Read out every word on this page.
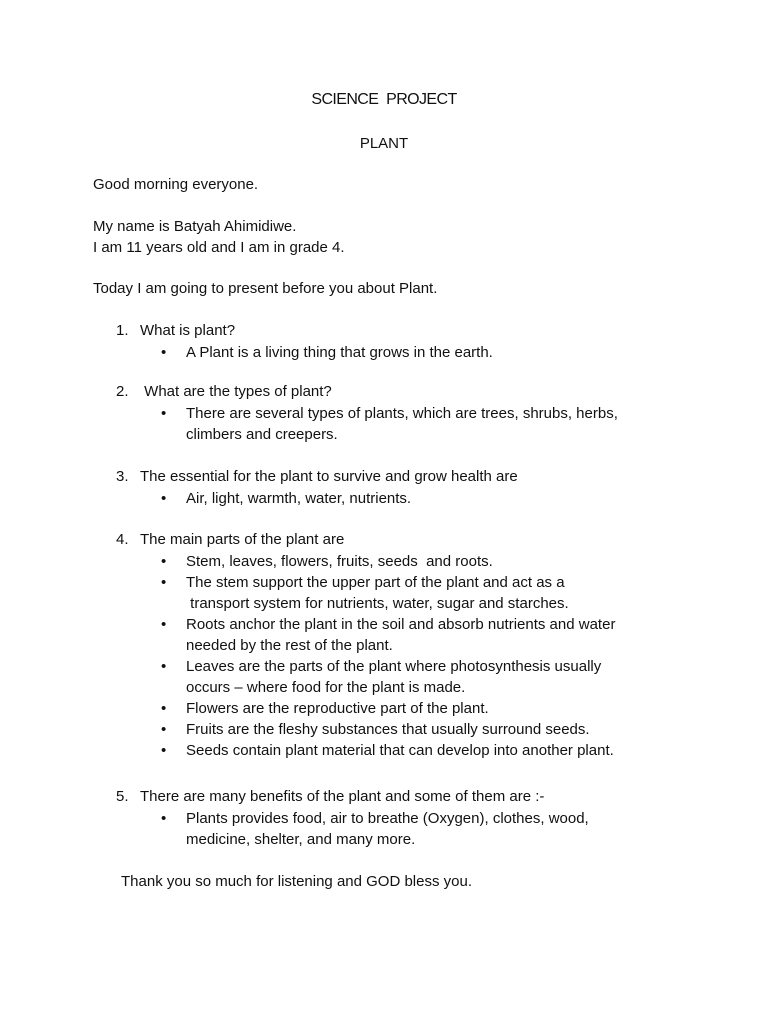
SCIENCE PROJECT
PLANT

Good morning everyone.

My name is Batyah Ahimidiwe.
I am 11 years old and I am in grade 4.

Today I am going to present before you about Plant.

1. What is plant?
• A Plant is a living thing that grows in the earth.
2. What are the types of plant?
• There are several types of plants, which are trees, shrubs, herbs,
climbers and creepers.
3. The essential for the plant to survive and grow health are
• Air, light, warmth, water, nutrients.
4. The main parts of the plant are
• Stem, leaves, flowers, fruits, seeds  and roots.
• The stem support the upper part of the plant and act as a
transport system for nutrients, water, sugar and starches.
• Roots anchor the plant in the soil and absorb nutrients and water
needed by the rest of the plant.
• Leaves are the parts of the plant where photosynthesis usually
occurs – where food for the plant is made.
• Flowers are the reproductive part of the plant.
• Fruits are the fleshy substances that usually surround seeds.
• Seeds contain plant material that can develop into another plant.
5. There are many benefits of the plant and some of them are :-
• Plants provides food, air to breathe (Oxygen), clothes, wood,
medicine, shelter, and many more.
Thank you so much for listening and GOD bless you.
